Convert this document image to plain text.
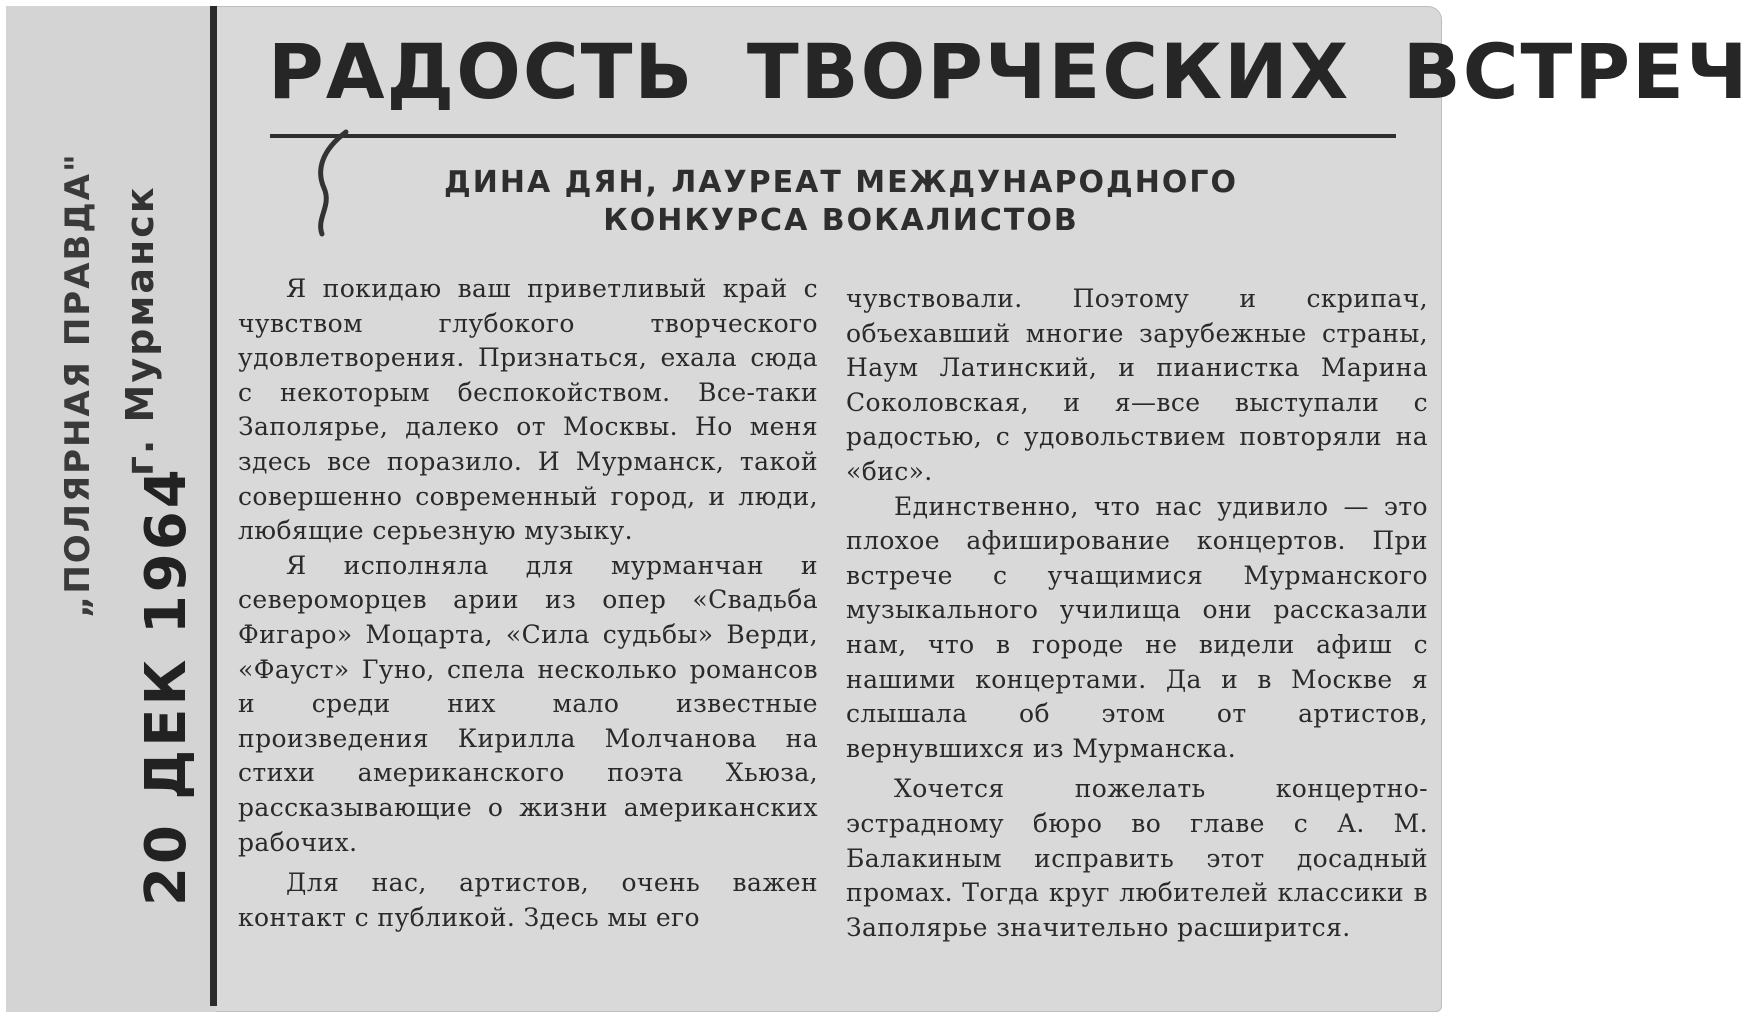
„ПОЛЯРНАЯ ПРАВДА" г. Мурманск
20 ДЕК 1964
РАДОСТЬ ТВОРЧЕСКИХ ВСТРЕЧ
ДИНА ДЯН, ЛАУРЕАТ МЕЖДУНАРОДНОГО
КОНКУРСА ВОКАЛИСТОВ

Я покидаю ваш приветливый край с чувством глубокого творческого удовлетворения. Признаться, ехала сюда с некоторым беспокойством. Все-таки Заполярье, далеко от Москвы. Но меня здесь все поразило. И Мурманск, такой совершенно современный город, и люди, любящие серьезную музыку.

Я исполняла для мурманчан и североморцев арии из опер «Свадьба Фигаро» Моцарта, «Сила судьбы» Верди, «Фауст» Гуно, спела несколько романсов и среди них мало известные произведения Кирилла Молчанова на стихи американского поэта Хьюза, рассказывающие о жизни американских рабочих.

Для нас, артистов, очень важен контакт с публикой. Здесь мы его

чувствовали. Поэтому и скрипач, объехавший многие зарубежные страны, Наум Латинский, и пианистка Марина Соколовская, и я—все выступали с радостью, с удовольствием повторяли на «бис».

Единственно, что нас удивило — это плохое афиширование концертов. При встрече с учащимися Мурманского музыкального училища они рассказали нам, что в городе не видели афиш с нашими концертами. Да и в Москве я слышала об этом от артистов, вернувшихся из Мурманска.

Хочется пожелать концертно-эстрадному бюро во главе с А. М. Балакиным исправить этот досадный промах. Тогда круг любителей классики в Заполярье значительно расширится.
